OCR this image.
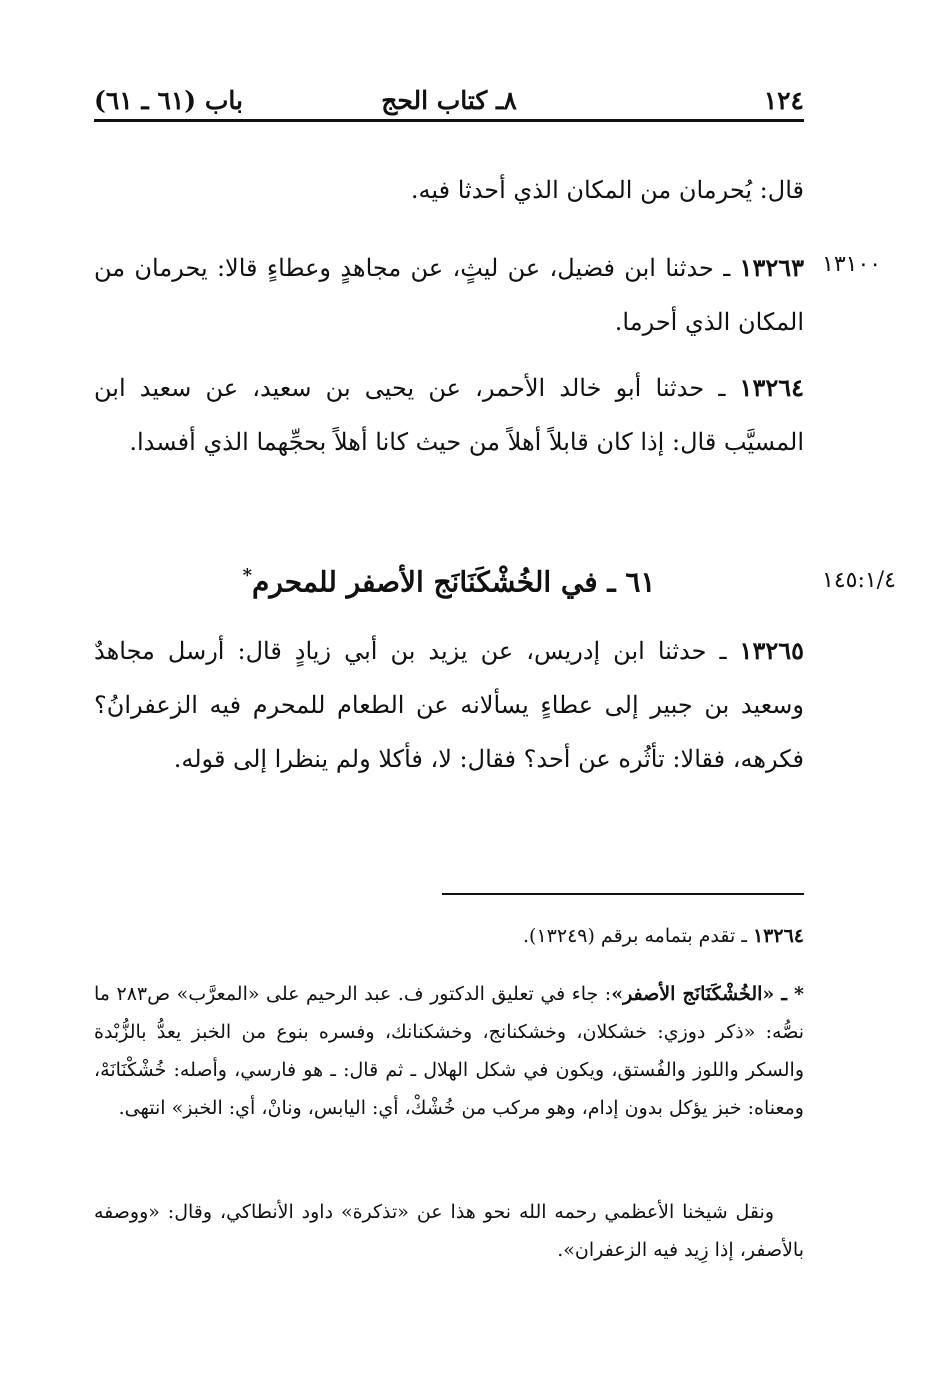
١٢٤
٨ـ كتاب الحج
باب (٦١ ـ ٦١)
قال: يُحرمان من المكان الذي أحدثا فيه.
١٣١٠٠
١٣٢٦٣ ـ حدثنا ابن فضيل، عن ليثٍ، عن مجاهدٍ وعطاءٍ قالا: يحرمان من المكان الذي أحرما.
١٣٢٦٤ ـ حدثنا أبو خالد الأحمر، عن يحيى بن سعيد، عن سعيد ابن المسيَّب قال: إذا كان قابلاً أهلاً من حيث كانا أهلاً بحجِّهما الذي أفسدا.
١٤٥:١/٤
٦١ ـ في الخُشْكَنَانَج الأصفر للمحرم*
١٣٢٦٥ ـ حدثنا ابن إدريس، عن يزيد بن أبي زيادٍ قال: أرسل مجاهدٌ وسعيد بن جبير إلى عطاءٍ يسألانه عن الطعام للمحرم فيه الزعفرانُ؟ فكرهه، فقالا: تأثُره عن أحد؟ فقال: لا، فأكلا ولم ينظرا إلى قوله.
١٣٢٦٤ ـ تقدم بتمامه برقم (١٣٢٤٩).
* ـ «الخُشْكَنَانَج الأصفر»: جاء في تعليق الدكتور ف. عبد الرحيم على «المعرَّب» ص٢٨٣ ما نصُّه: «ذكر دوزي: خشكلان، وخشكنانج، وخشكنانك، وفسره بنوع من الخبز يعدُّ بالزُّبْدة والسكر واللوز والفُستق، ويكون في شكل الهلال ـ ثم قال: ـ هو فارسي، وأصله: خُشْكْنَانَهْ، ومعناه: خبز يؤكل بدون إدام، وهو مركب من خُشْكْ، أي: اليابس، ونانْ، أي: الخبز» انتهى.
ونقل شيخنا الأعظمي رحمه الله نحو هذا عن «تذكرة» داود الأنطاكي، وقال: «ووصفه بالأصفر، إذا زِيد فيه الزعفران».
